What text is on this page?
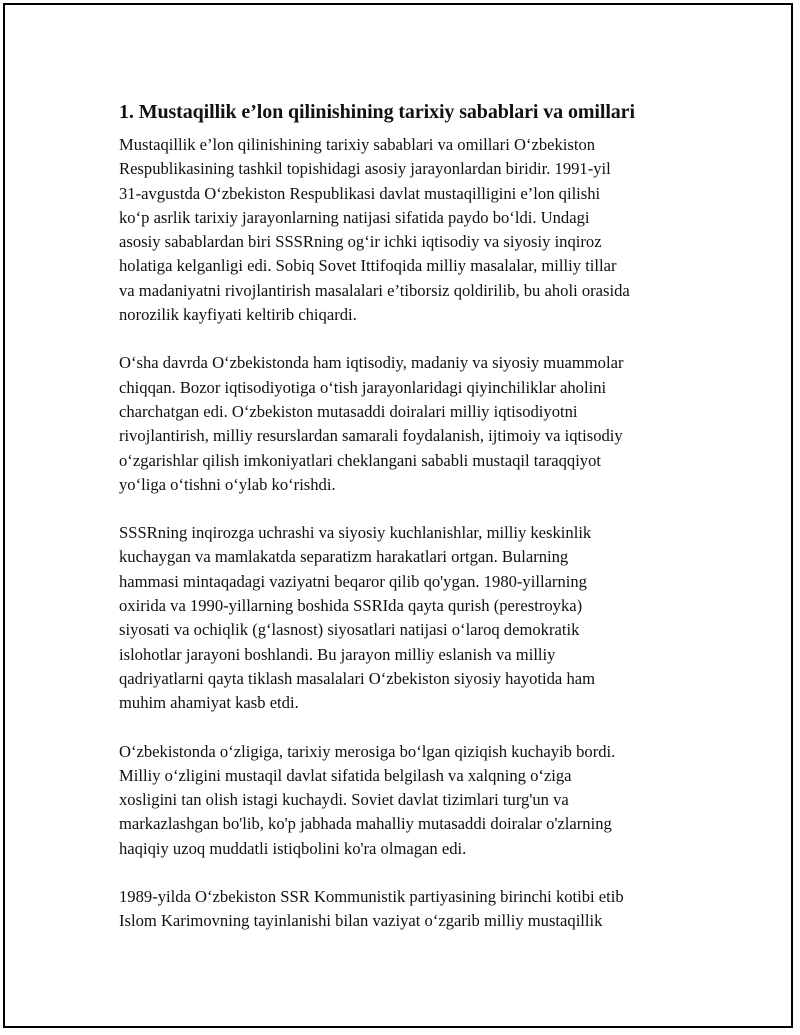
1. Mustaqillik e’lon qilinishining tarixiy sabablari va omillari

Mustaqillik e’lon qilinishining tarixiy sabablari va omillari O‘zbekiston
Respublikasining tashkil topishidagi asosiy jarayonlardan biridir. 1991-yil
31-avgustda O‘zbekiston Respublikasi davlat mustaqilligini e’lon qilishi
ko‘p asrlik tarixiy jarayonlarning natijasi sifatida paydo bo‘ldi. Undagi
asosiy sabablardan biri SSSRning og‘ir ichki iqtisodiy va siyosiy inqiroz
holatiga kelganligi edi. Sobiq Sovet Ittifoqida milliy masalalar, milliy tillar
va madaniyatni rivojlantirish masalalari e’tiborsiz qoldirilib, bu aholi orasida
norozilik kayfiyati keltirib chiqardi.

O‘sha davrda O‘zbekistonda ham iqtisodiy, madaniy va siyosiy muammolar
chiqqan. Bozor iqtisodiyotiga o‘tish jarayonlaridagi qiyinchiliklar aholini
charchatgan edi. O‘zbekiston mutasaddi doiralari milliy iqtisodiyotni
rivojlantirish, milliy resurslardan samarali foydalanish, ijtimoiy va iqtisodiy
o‘zgarishlar qilish imkoniyatlari cheklangani sababli mustaqil taraqqiyot
yo‘liga o‘tishni o‘ylab ko‘rishdi.

SSSRning inqirozga uchrashi va siyosiy kuchlanishlar, milliy keskinlik
kuchaygan va mamlakatda separatizm harakatlari ortgan. Bularning
hammasi mintaqadagi vaziyatni beqaror qilib qo'ygan. 1980-yillarning
oxirida va 1990-yillarning boshida SSRIda qayta qurish (perestroyka)
siyosati va ochiqlik (g‘lasnost) siyosatlari natijasi o‘laroq demokratik
islohotlar jarayoni boshlandi. Bu jarayon milliy eslanish va milliy
qadriyatlarni qayta tiklash masalalari O‘zbekiston siyosiy hayotida ham
muhim ahamiyat kasb etdi.

O‘zbekistonda o‘zligiga, tarixiy merosiga bo‘lgan qiziqish kuchayib bordi.
Milliy o‘zligini mustaqil davlat sifatida belgilash va xalqning o‘ziga
xosligini tan olish istagi kuchaydi. Soviet davlat tizimlari turg'un va
markazlashgan bo'lib, ko'p jabhada mahalliy mutasaddi doiralar o'zlarning
haqiqiy uzoq muddatli istiqbolini ko'ra olmagan edi.

1989-yilda O‘zbekiston SSR Kommunistik partiyasining birinchi kotibi etib
Islom Karimovning tayinlanishi bilan vaziyat o‘zgarib milliy mustaqillik
